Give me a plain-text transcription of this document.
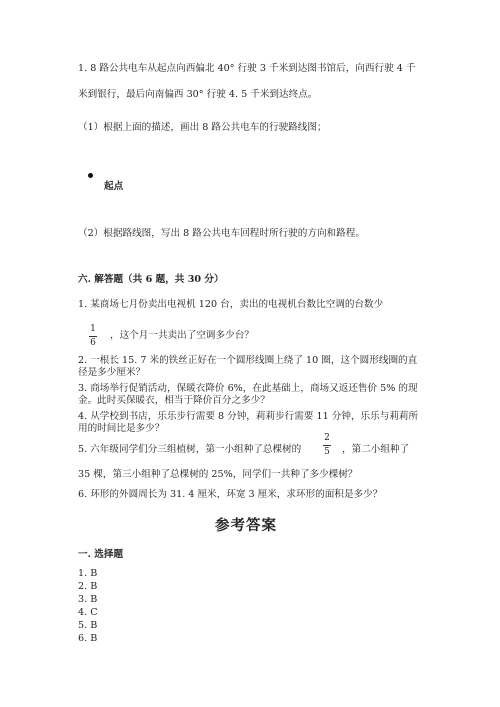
1. 8 路公共电车从起点向西偏北 40° 行驶 3 千米到达图书馆后，向西行驶 4 千
米到银行，最后向南偏西 30° 行驶 4. 5 千米到达终点。
（1）根据上面的描述，画出 8 路公共电车的行驶路线图；
起点
（2）根据路线图，写出 8 路公共电车回程时所行驶的方向和路程。
六. 解答题（共 6 题，共 30 分）
1. 某商场七月份卖出电视机 120 台，卖出的电视机台数比空调的台数少
1
6
，这个月一共卖出了空调多少台？
2. 一根长 15. 7 米的铁丝正好在一个圆形线圈上绕了 10 圈，这个圆形线圈的直
径是多少厘米？
3. 商场举行促销活动，保暖衣降价 6%，在此基础上，商场又返还售价 5% 的现
金。此时买保暖衣，相当于降价百分之多少？
4. 从学校到书店，乐乐步行需要 8 分钟，莉莉步行需要 11 分钟，乐乐与莉莉所
用的时间比是多少？
5. 六年级同学们分三组植树，第一小组种了总棵树的
2
5 ，第二小组种了
35 棵，第三小组种了总棵树的 25%，同学们一共种了多少棵树？
6. 环形的外圆周长为 31. 4 厘米，环宽 3 厘米，求环形的面积是多少？
参考答案
一. 选择题
1. B
2. B
3. B
4. C
5. B
6. B
